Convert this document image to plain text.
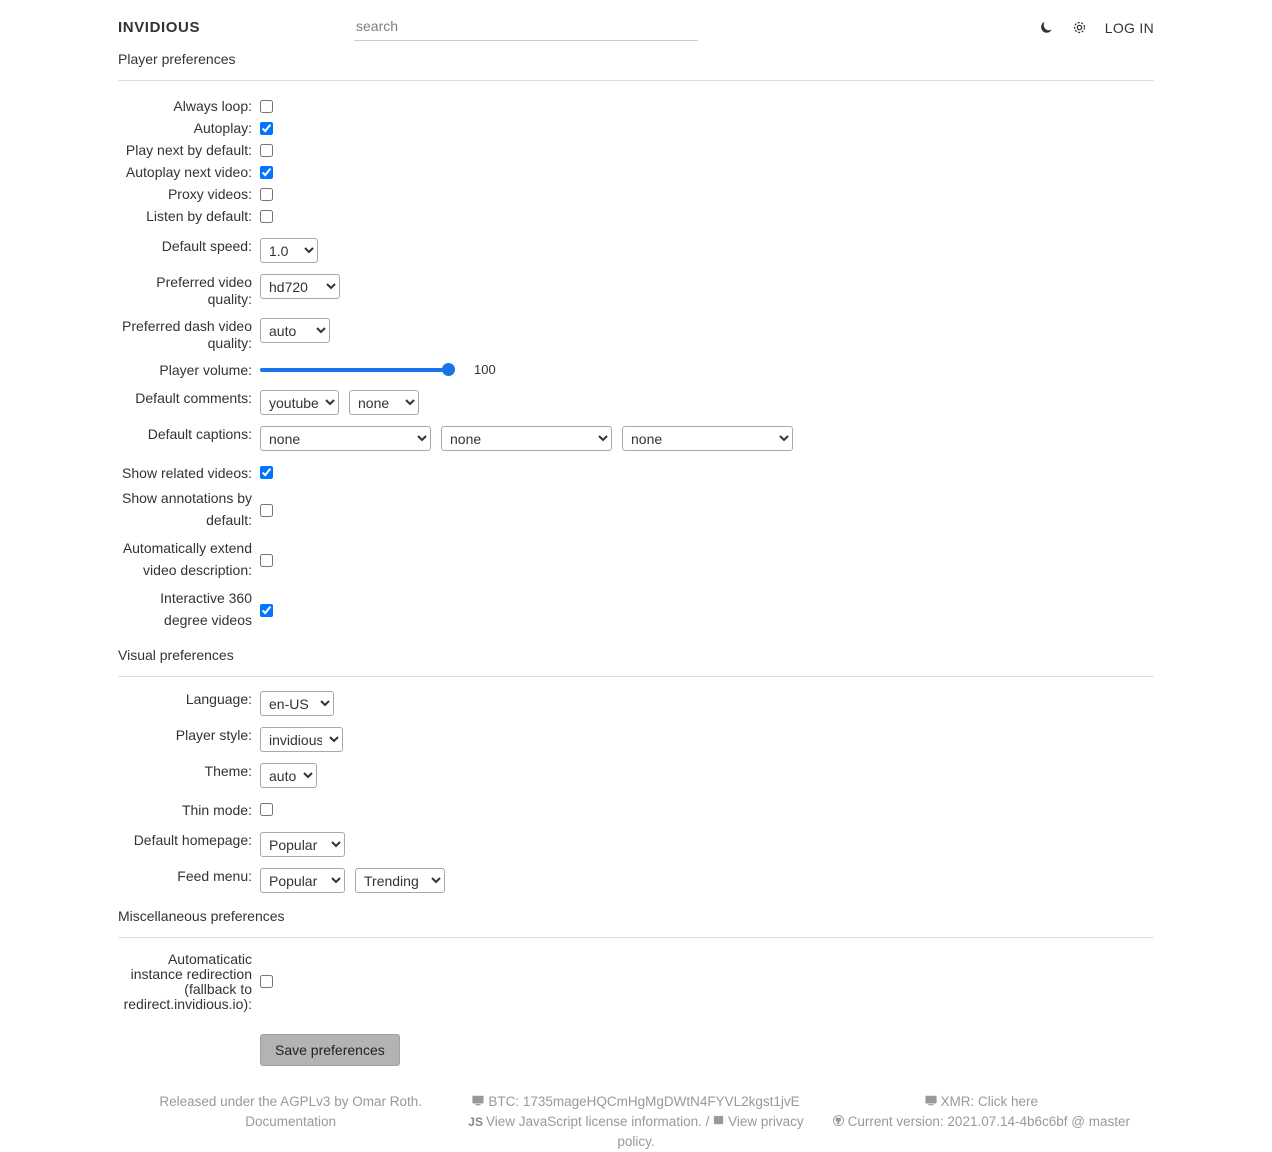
INVIDIOUS
search	LOG IN
Player preferences
Always loop:
Autoplay:
Play next by default:
Autoplay next video:
Proxy videos:
Listen by default:
Default speed:
1.0
Preferred video quality:
hd720
Preferred dash video quality:
auto
Player volume:	100
Default comments:
youtube
none
Default captions:
none
none
none
Show related videos:
Show annotations by default:
Automatically extend video description:
Interactive 360 degree videos
Visual preferences
Language:
en-US
Player style:
invidious
Theme:
auto
Thin mode:
Default homepage:
Popular
Feed menu:
Popular
Trending
Miscellaneous preferences
Automaticatic instance redirection (fallback to redirect.invidious.io):
Save preferences
Released under the AGPLv3 by Omar Roth.
Documentation
BTC: 1735mageHQCmHgMgDWtN4FYVL2kgst1jvE
JS View JavaScript license information. / View privacy policy.
XMR: Click here
Current version: 2021.07.14-4b6c6bf @ master
